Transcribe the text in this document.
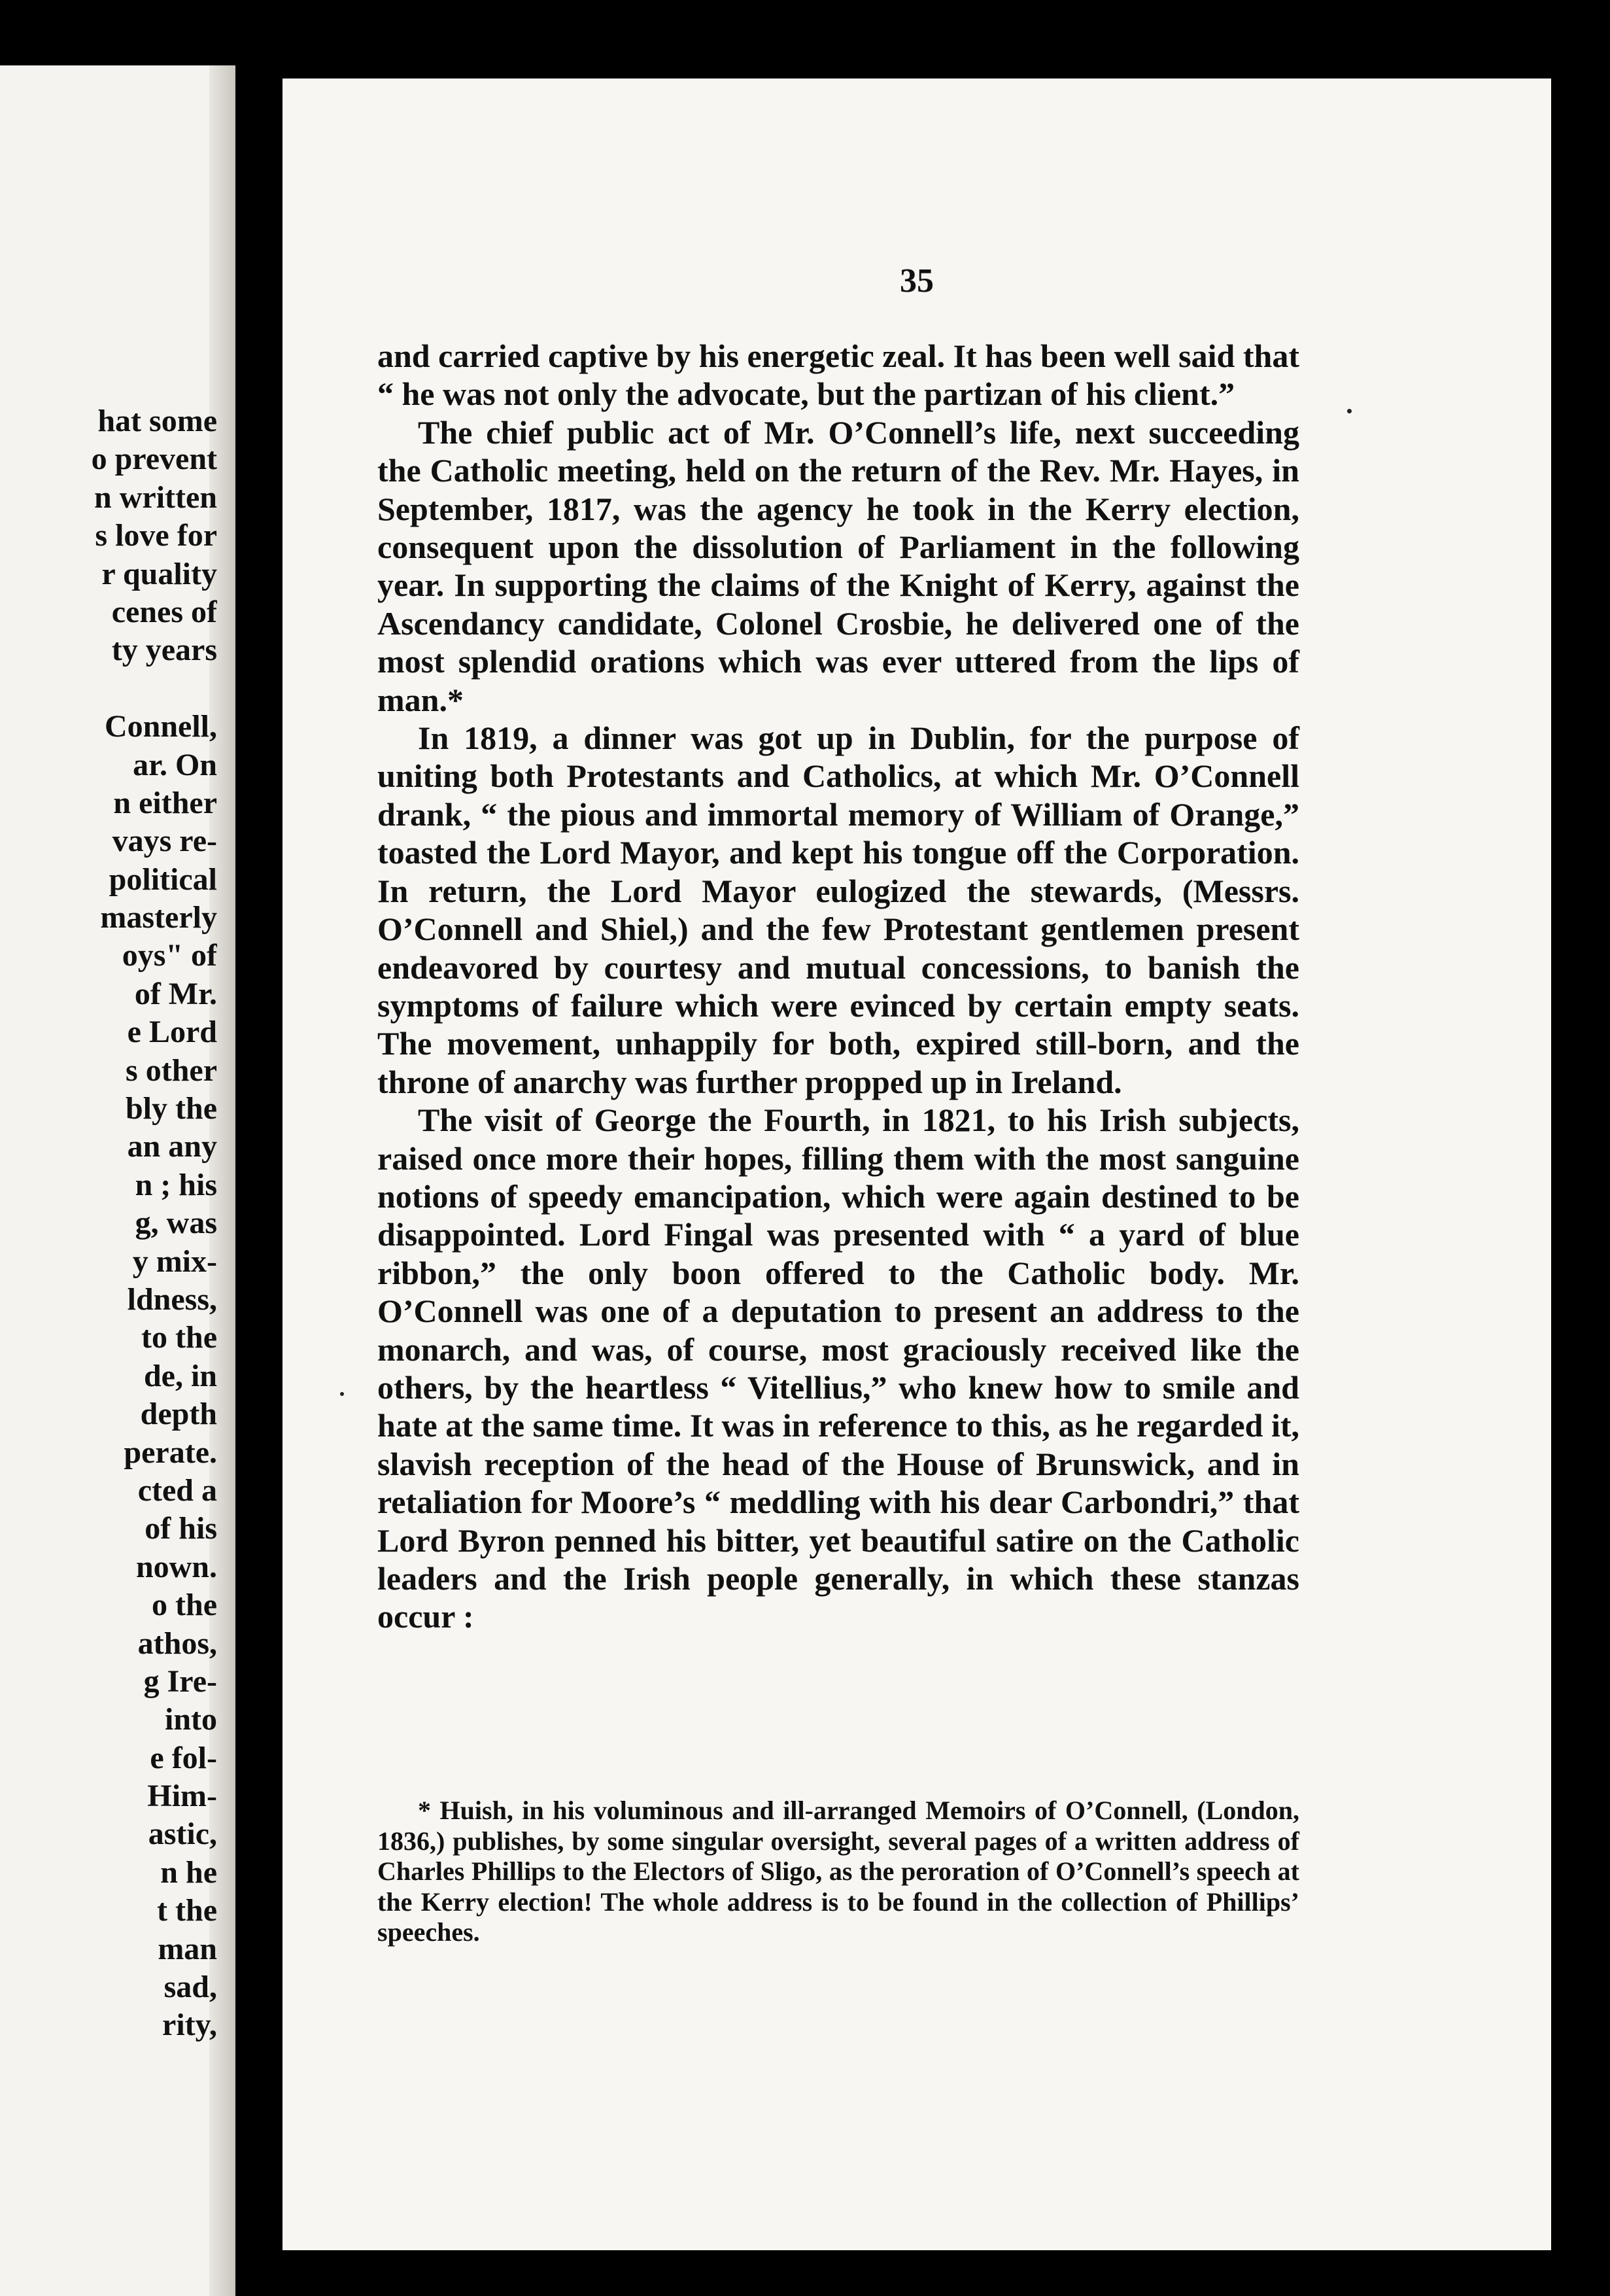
hat some
o prevent
n written
s love for
r quality
cenes of
ty years
Connell,
ar. On
n either
vays re-
political
masterly
oys" of
of Mr.
e Lord
s other
bly the
an any
n ; his
g, was
y mix-
ldness,
to the
de, in
depth
perate.
cted a
of his
nown.
o the
athos,
g Ire-
into
e fol-
Him-
astic,
n he
t the
man
sad,
rity,
35

and carried captive by his energetic zeal. It has been well said that “ he was not only the advocate, but the partizan of his client.”

The chief public act of Mr. O’Connell’s life, next succeeding the Catholic meeting, held on the return of the Rev. Mr. Hayes, in September, 1817, was the agency he took in the Kerry election, consequent upon the dissolution of Parliament in the following year. In supporting the claims of the Knight of Kerry, against the Ascendancy candidate, Colonel Crosbie, he delivered one of the most splendid orations which was ever uttered from the lips of man.*

In 1819, a dinner was got up in Dublin, for the purpose of uniting both Protestants and Catholics, at which Mr. O’Connell drank, “ the pious and immortal memory of William of Orange,” toasted the Lord Mayor, and kept his tongue off the Corporation. In return, the Lord Mayor eulogized the stewards, (Messrs. O’Connell and Shiel,) and the few Protestant gentlemen present endeavored by courtesy and mutual concessions, to banish the symptoms of failure which were evinced by certain empty seats. The movement, unhappily for both, expired still-born, and the throne of anarchy was further propped up in Ireland.

The visit of George the Fourth, in 1821, to his Irish subjects, raised once more their hopes, filling them with the most sanguine notions of speedy emancipation, which were again destined to be disappointed. Lord Fingal was presented with “ a yard of blue ribbon,” the only boon offered to the Catholic body. Mr. O’Connell was one of a deputation to present an address to the monarch, and was, of course, most graciously received like the others, by the heartless “ Vitellius,” who knew how to smile and hate at the same time. It was in reference to this, as he regarded it, slavish reception of the head of the House of Brunswick, and in retaliation for Moore’s “ meddling with his dear Carbondri,” that Lord Byron penned his bitter, yet beautiful satire on the Catholic leaders and the Irish people generally, in which these stanzas occur :

* Huish, in his voluminous and ill-arranged Memoirs of O’Connell, (London, 1836,) publishes, by some singular oversight, several pages of a written address of Charles Phillips to the Electors of Sligo, as the peroration of O’Connell’s speech at the Kerry election! The whole address is to be found in the collection of Phillips’ speeches.
